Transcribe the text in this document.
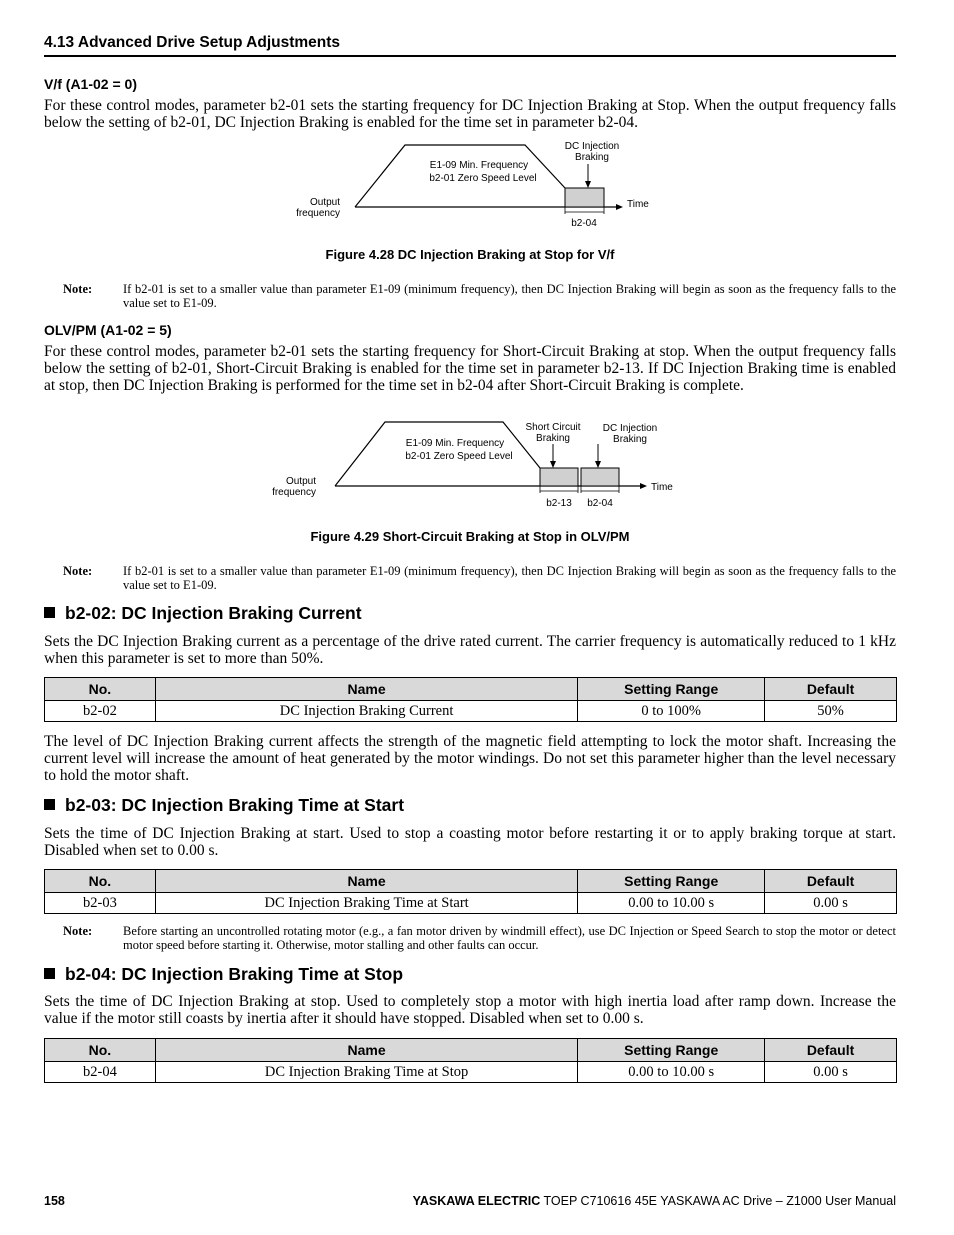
4.13 Advanced Drive Setup Adjustments
V/f (A1-02 = 0)
For these control modes, parameter b2-01 sets the starting frequency for DC Injection Braking at Stop. When the output frequency falls below the setting of b2-01, DC Injection Braking is enabled for the time set in parameter b2-04.
DC Injection
Braking
E1-09 Min. Frequency
b2-01 Zero Speed Level
Output
frequency
Time
b2-04
Figure 4.28 DC Injection Braking at Stop for V/f
Note: If b2-01 is set to a smaller value than parameter E1-09 (minimum frequency), then DC Injection Braking will begin as soon as the frequency falls to the value set to E1-09.
OLV/PM (A1-02 = 5)
For these control modes, parameter b2-01 sets the starting frequency for Short-Circuit Braking at stop. When the output frequency falls below the setting of b2-01, Short-Circuit Braking is enabled for the time set in parameter b2-13. If DC Injection Braking time is enabled at stop, then DC Injection Braking is performed for the time set in b2-04 after Short-Circuit Braking is complete.
Short Circuit
Braking
DC Injection
Braking
E1-09 Min. Frequency
b2-01 Zero Speed Level
Output
frequency	Time
b2-13 b2-04
Figure 4.29 Short-Circuit Braking at Stop in OLV/PM
Note: If b2-01 is set to a smaller value than parameter E1-09 (minimum frequency), then DC Injection Braking will begin as soon as the frequency falls to the value set to E1-09.
b2-02: DC Injection Braking Current
Sets the DC Injection Braking current as a percentage of the drive rated current. The carrier frequency is automatically reduced to 1 kHz when this parameter is set to more than 50%.
No.	Name	Setting Range	Default
b2-02	DC Injection Braking Current	0 to 100%	50%
The level of DC Injection Braking current affects the strength of the magnetic field attempting to lock the motor shaft. Increasing the current level will increase the amount of heat generated by the motor windings. Do not set this parameter higher than the level necessary to hold the motor shaft.
b2-03: DC Injection Braking Time at Start
Sets the time of DC Injection Braking at start. Used to stop a coasting motor before restarting it or to apply braking torque at start. Disabled when set to 0.00 s.
No.	Name	Setting Range	Default
b2-03	DC Injection Braking Time at Start	0.00 to 10.00 s	0.00 s
Note: Before starting an uncontrolled rotating motor (e.g., a fan motor driven by windmill effect), use DC Injection or Speed Search to stop the motor or detect motor speed before starting it. Otherwise, motor stalling and other faults can occur.
b2-04: DC Injection Braking Time at Stop
Sets the time of DC Injection Braking at stop. Used to completely stop a motor with high inertia load after ramp down. Increase the value if the motor still coasts by inertia after it should have stopped. Disabled when set to 0.00 s.
No.	Name	Setting Range	Default
b2-04	DC Injection Braking Time at Stop	0.00 to 10.00 s	0.00 s
158	YASKAWA ELECTRIC TOEP C710616 45E YASKAWA AC Drive – Z1000 User Manual
